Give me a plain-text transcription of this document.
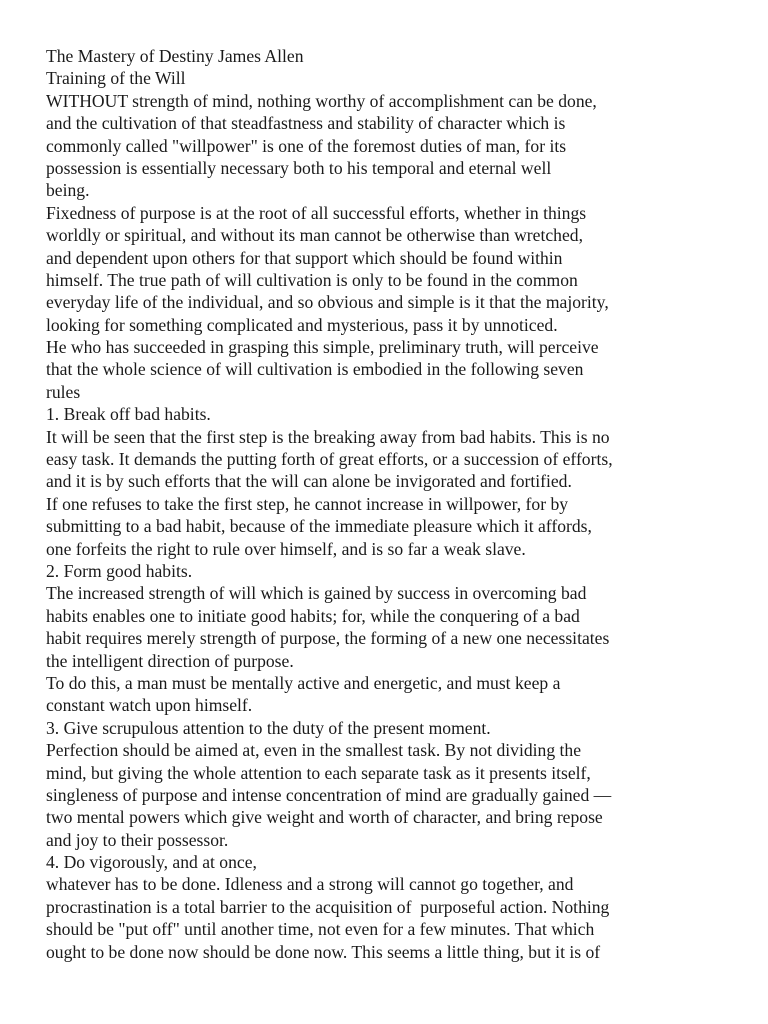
The Mastery of Destiny James Allen
Training of the Will
WITHOUT strength of mind, nothing worthy of accomplishment can be done,
and the cultivation of that steadfastness and stability of character which is
commonly called "willpower" is one of the foremost duties of man, for its
possession is essentially necessary both to his temporal and eternal well
being.
Fixedness of purpose is at the root of all successful efforts, whether in things
worldly or spiritual, and without its man cannot be otherwise than wretched,
and dependent upon others for that support which should be found within
himself. The true path of will cultivation is only to be found in the common
everyday life of the individual, and so obvious and simple is it that the majority,
looking for something complicated and mysterious, pass it by unnoticed.
He who has succeeded in grasping this simple, preliminary truth, will perceive
that the whole science of will cultivation is embodied in the following seven
rules
1. Break off bad habits.
It will be seen that the first step is the breaking away from bad habits. This is no
easy task. It demands the putting forth of great efforts, or a succession of efforts,
and it is by such efforts that the will can alone be invigorated and fortified.
If one refuses to take the first step, he cannot increase in willpower, for by
submitting to a bad habit, because of the immediate pleasure which it affords,
one forfeits the right to rule over himself, and is so far a weak slave.
2. Form good habits.
The increased strength of will which is gained by success in overcoming bad
habits enables one to initiate good habits; for, while the conquering of a bad
habit requires merely strength of purpose, the forming of a new one necessitates
the intelligent direction of purpose.
To do this, a man must be mentally active and energetic, and must keep a
constant watch upon himself.
3. Give scrupulous attention to the duty of the present moment.
Perfection should be aimed at, even in the smallest task. By not dividing the
mind, but giving the whole attention to each separate task as it presents itself,
singleness of purpose and intense concentration of mind are gradually gained —
two mental powers which give weight and worth of character, and bring repose
and joy to their possessor.
4. Do vigorously, and at once,
whatever has to be done. Idleness and a strong will cannot go together, and
procrastination is a total barrier to the acquisition of  purposeful action. Nothing
should be "put off" until another time, not even for a few minutes. That which
ought to be done now should be done now. This seems a little thing, but it is of
